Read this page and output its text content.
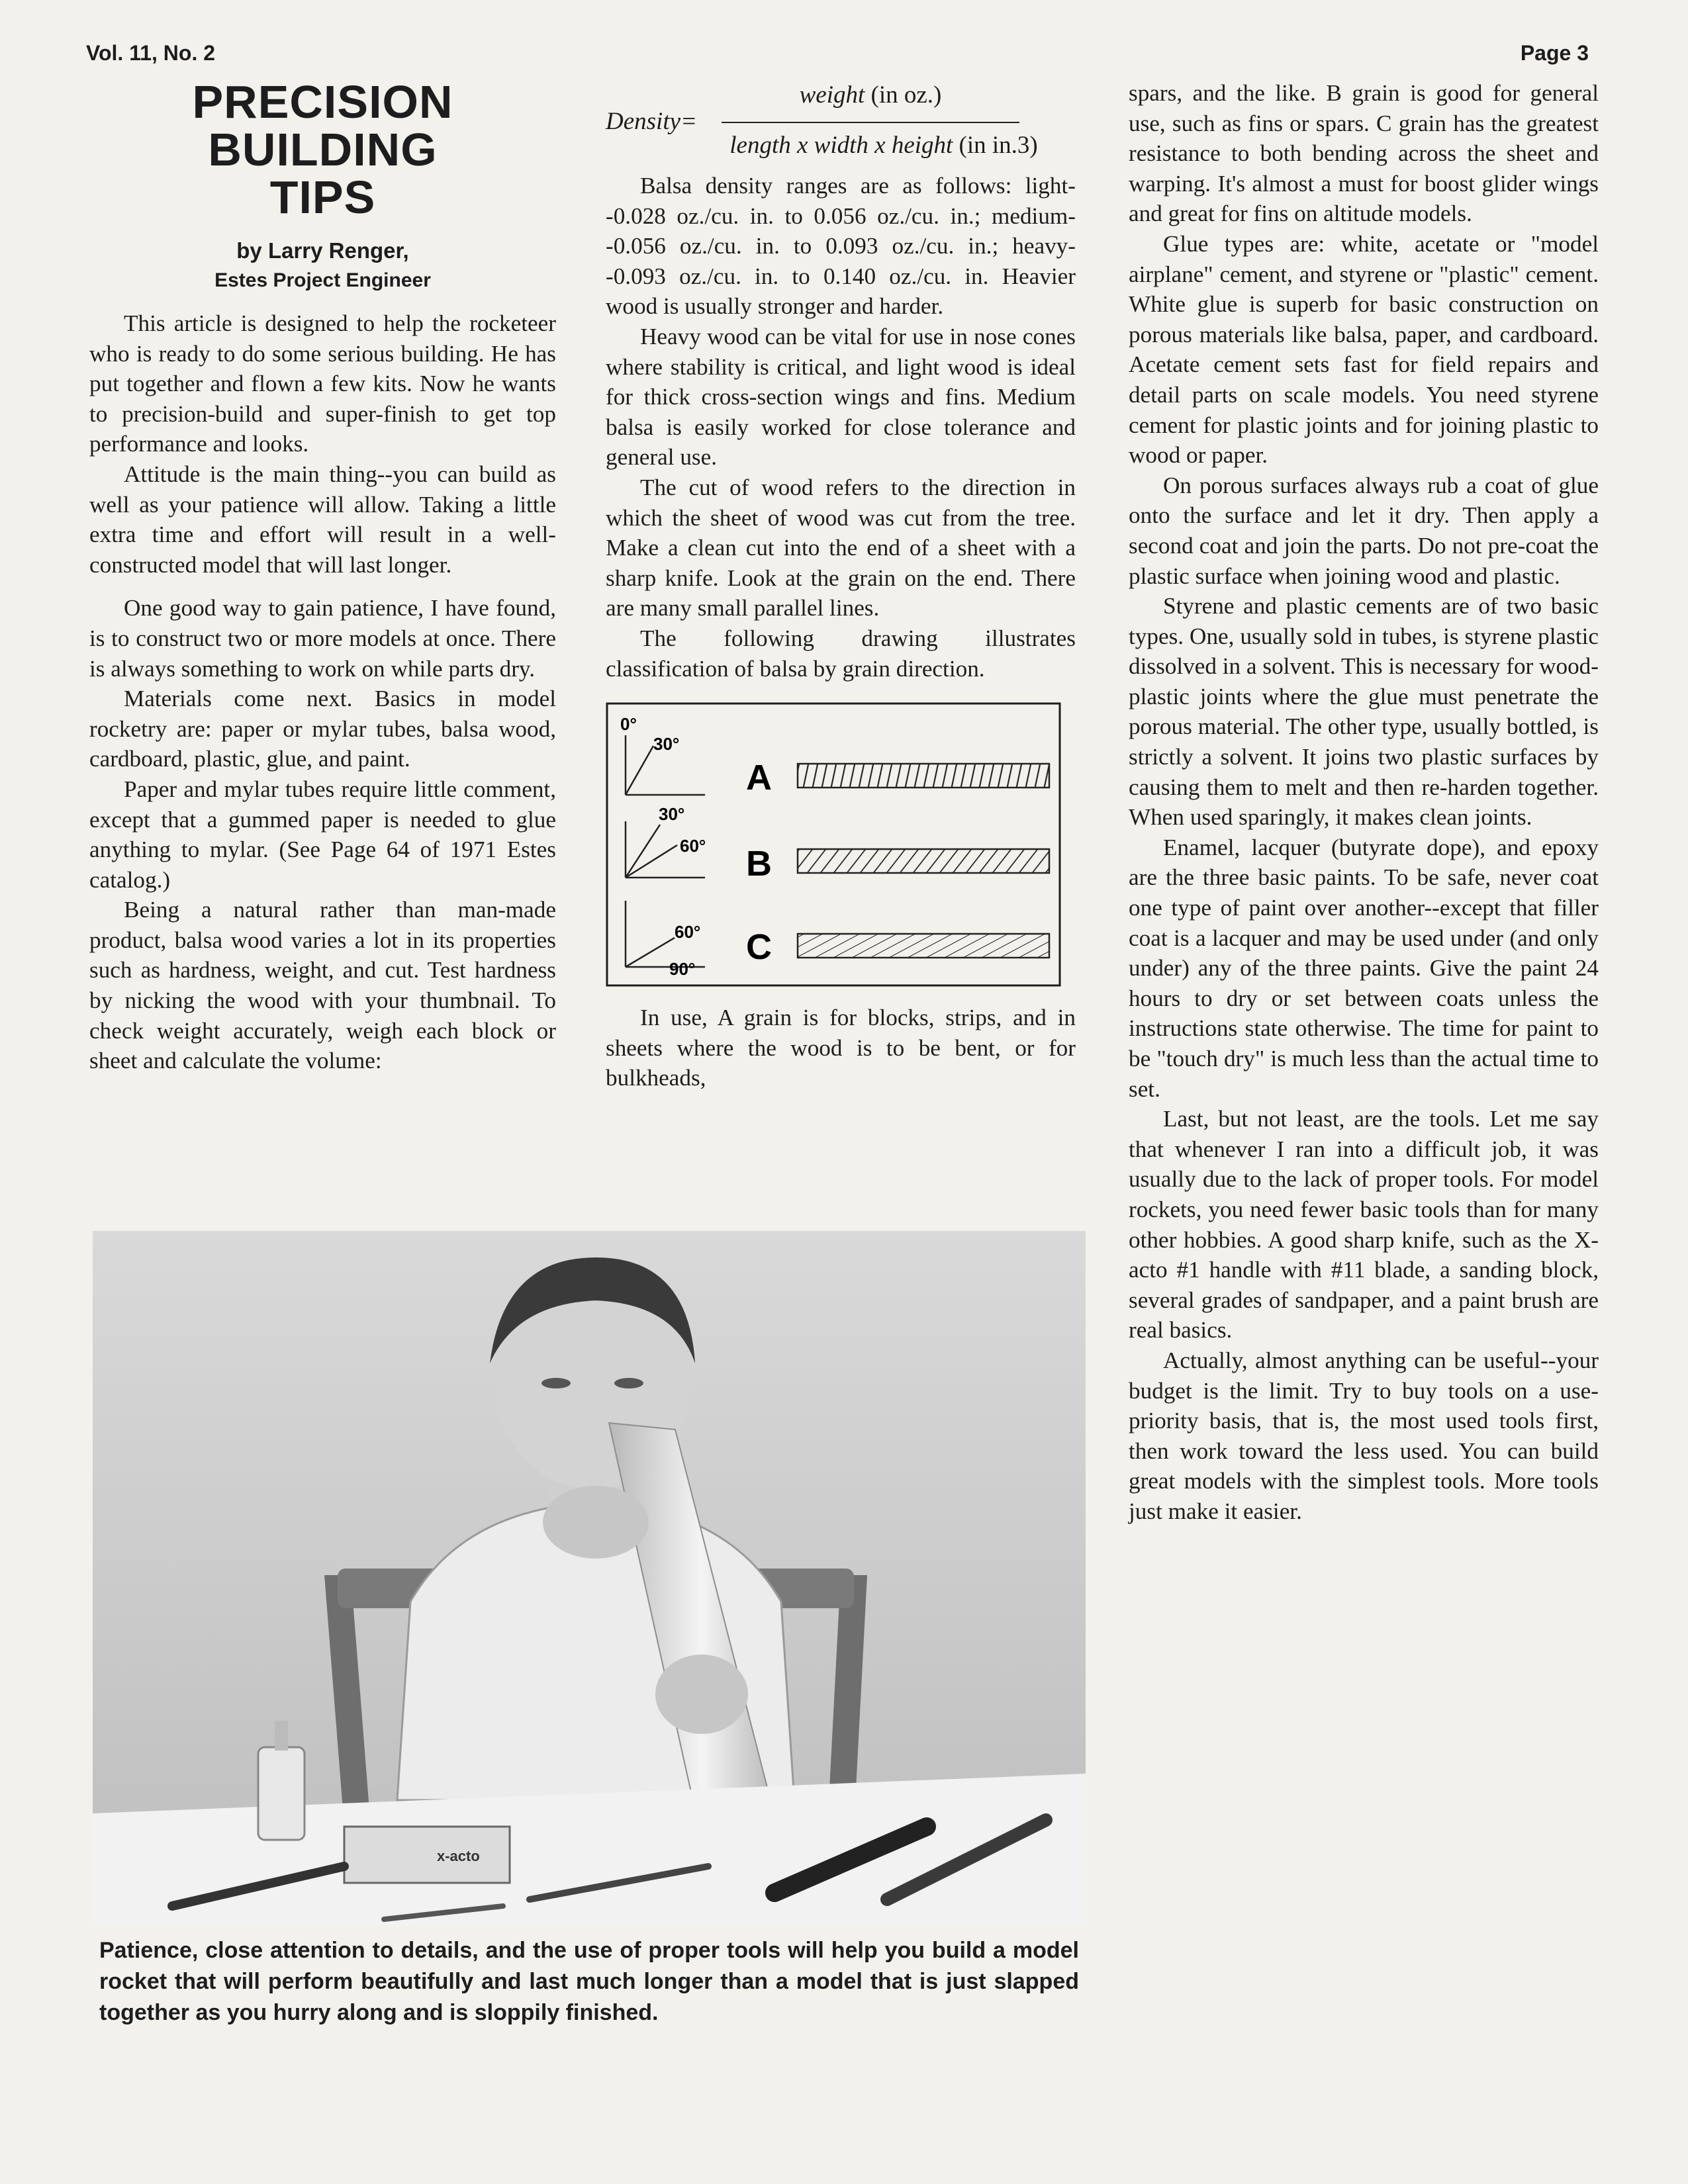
Vol. 11, No. 2	Page 3
PRECISION
BUILDING
TIPS
by Larry Renger,
Estes Project Engineer

This article is designed to help the rocketeer who is ready to do some serious building. He has put together and flown a few kits. Now he wants to precision-build and super-finish to get top performance and looks.

Attitude is the main thing--you can build as well as your patience will allow. Taking a little extra time and effort will result in a well-constructed model that will last longer.

One good way to gain patience, I have found, is to construct two or more models at once. There is always something to work on while parts dry.

Materials come next. Basics in model rocketry are: paper or mylar tubes, balsa wood, cardboard, plastic, glue, and paint.

Paper and mylar tubes require little comment, except that a gummed paper is needed to glue anything to mylar. (See Page 64 of 1971 Estes catalog.)

Being a natural rather than man-made product, balsa wood varies a lot in its properties such as hardness, weight, and cut. Test hardness by nicking the wood with your thumbnail. To check weight accurately, weigh each block or sheet and calculate the volume:

Density=
weight (in oz.)
length x width x height (in in.3)

Balsa density ranges are as follows: light--0.028 oz./cu. in. to 0.056 oz./cu. in.; medium--0.056 oz./cu. in. to 0.093 oz./cu. in.; heavy--0.093 oz./cu. in. to 0.140 oz./cu. in. Heavier wood is usually stronger and harder.

Heavy wood can be vital for use in nose cones where stability is critical, and light wood is ideal for thick cross-section wings and fins. Medium balsa is easily worked for close tolerance and general use.

The cut of wood refers to the direction in which the sheet of wood was cut from the tree. Make a clean cut into the end of a sheet with a sharp knife. Look at the grain on the end. There are many small parallel lines.

The following drawing illustrates classification of balsa by grain direction.

0°
30°
A
30°
60° B
60°
90°
C

In use, A grain is for blocks, strips, and in sheets where the wood is to be bent, or for bulkheads,

spars, and the like. B grain is good for general use, such as fins or spars. C grain has the greatest resistance to both bending across the sheet and warping. It's almost a must for boost glider wings and great for fins on altitude models.

Glue types are: white, acetate or "model airplane" cement, and styrene or "plastic" cement. White glue is superb for basic construction on porous materials like balsa, paper, and cardboard. Acetate cement sets fast for field repairs and detail parts on scale models. You need styrene cement for plastic joints and for joining plastic to wood or paper.

On porous surfaces always rub a coat of glue onto the surface and let it dry. Then apply a second coat and join the parts. Do not pre-coat the plastic surface when joining wood and plastic.

Styrene and plastic cements are of two basic types. One, usually sold in tubes, is styrene plastic dissolved in a solvent. This is necessary for wood-plastic joints where the glue must penetrate the porous material. The other type, usually bottled, is strictly a solvent. It joins two plastic surfaces by causing them to melt and then re-harden together. When used sparingly, it makes clean joints.

Enamel, lacquer (butyrate dope), and epoxy are the three basic paints. To be safe, never coat one type of paint over another--except that filler coat is a lacquer and may be used under (and only under) any of the three paints. Give the paint 24 hours to dry or set between coats unless the instructions state otherwise. The time for paint to be "touch dry" is much less than the actual time to set.

Last, but not least, are the tools. Let me say that whenever I ran into a difficult job, it was usually due to the lack of proper tools. For model rockets, you need fewer basic tools than for many other hobbies. A good sharp knife, such as the X-acto #1 handle with #11 blade, a sanding block, several grades of sandpaper, and a paint brush are real basics.

Actually, almost anything can be useful--your budget is the limit. Try to buy tools on a use-priority basis, that is, the most used tools first, then work toward the less used. You can build great models with the simplest tools. More tools just make it easier.

x-acto
Patience, close attention to details, and the use of proper tools will help you build a model rocket that will perform beautifully and last much longer than a model that is just slapped together as you hurry along and is sloppily finished.
